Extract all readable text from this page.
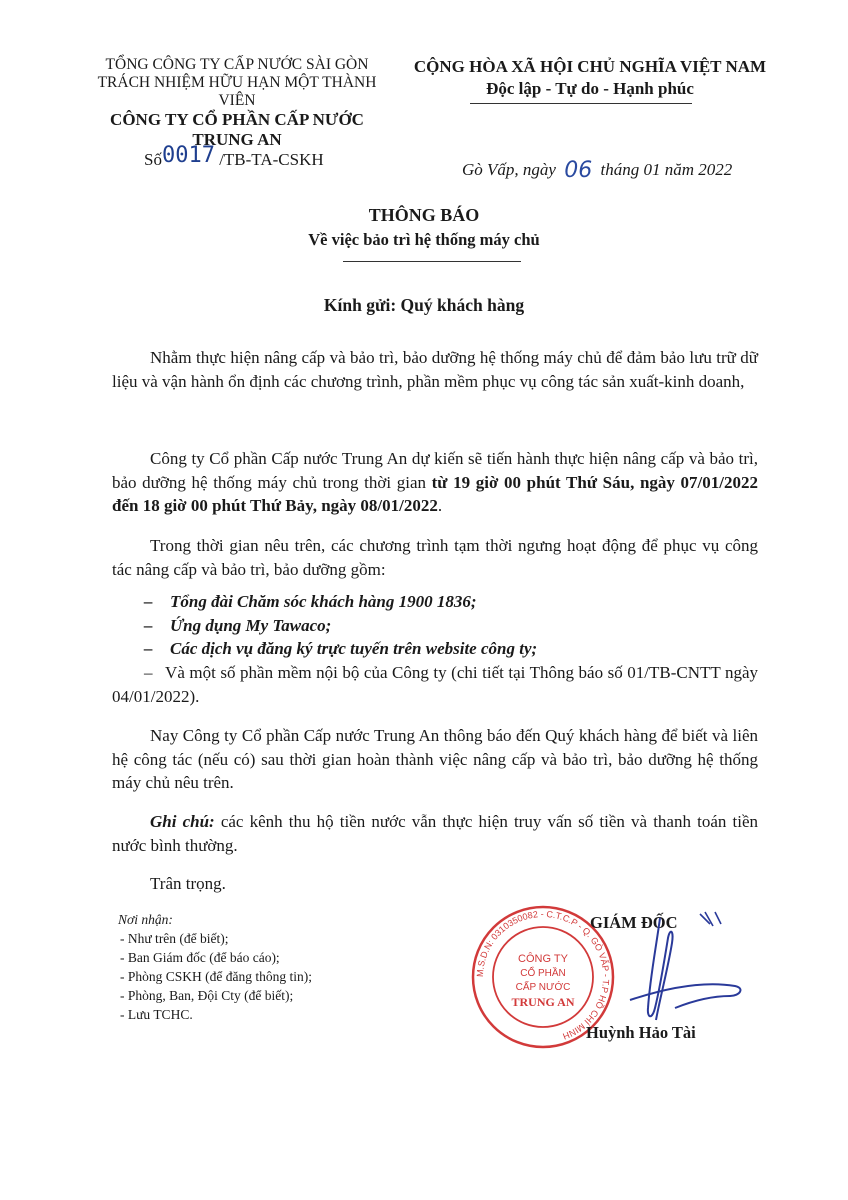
TỔNG CÔNG TY CẤP NƯỚC SÀI GÒN
TRÁCH NHIỆM HỮU HẠN MỘT THÀNH VIÊN
CÔNG TY CỔ PHẦN CẤP NƯỚC
TRUNG AN
CỘNG HÒA XÃ HỘI CHỦ NGHĨA VIỆT NAM
Độc lập - Tự do - Hạnh phúc
Số0017 /TB-TA-CSKH
Gò Vấp, ngày 06 tháng 01 năm 2022
THÔNG BÁO
Về việc bảo trì hệ thống máy chủ
Kính gửi: Quý khách hàng
Nhằm thực hiện nâng cấp và bảo trì, bảo dưỡng hệ thống máy chủ để đảm bảo lưu trữ dữ liệu và vận hành ổn định các chương trình, phần mềm phục vụ công tác sản xuất-kinh doanh,
Công ty Cổ phần Cấp nước Trung An dự kiến sẽ tiến hành thực hiện nâng cấp và bảo trì, bảo dưỡng hệ thống máy chủ trong thời gian từ 19 giờ 00 phút Thứ Sáu, ngày 07/01/2022 đến 18 giờ 00 phút Thứ Bảy, ngày 08/01/2022.
Trong thời gian nêu trên, các chương trình tạm thời ngưng hoạt động để phục vụ công tác nâng cấp và bảo trì, bảo dưỡng gồm:
– Tổng đài Chăm sóc khách hàng 1900 1836;
– Ứng dụng My Tawaco;
– Các dịch vụ đăng ký trực tuyến trên website công ty;
– Và một số phần mềm nội bộ của Công ty (chi tiết tại Thông báo số 01/TB-CNTT ngày 04/01/2022).
Nay Công ty Cổ phần Cấp nước Trung An thông báo đến Quý khách hàng để biết và liên hệ công tác (nếu có) sau thời gian hoàn thành việc nâng cấp và bảo trì, bảo dưỡng hệ thống máy chủ nêu trên.
Ghi chú: các kênh thu hộ tiền nước vẫn thực hiện truy vấn số tiền và thanh toán tiền nước bình thường.
Trân trọng.
Nơi nhận:
- Như trên (để biết);
- Ban Giám đốc (để báo cáo);
- Phòng CSKH (để đăng thông tin);
- Phòng, Ban, Đội Cty (để biết);
- Lưu TCHC.
M.S.D.N: 0310350082 - C.T.C.P - Q. GÒ VẤP - T.P HỒ CHÍ MINH
CÔNG TY
CỔ PHẦN
CẤP NƯỚC
TRUNG AN
GIÁM ĐỐC
Huỳnh Hảo Tài
